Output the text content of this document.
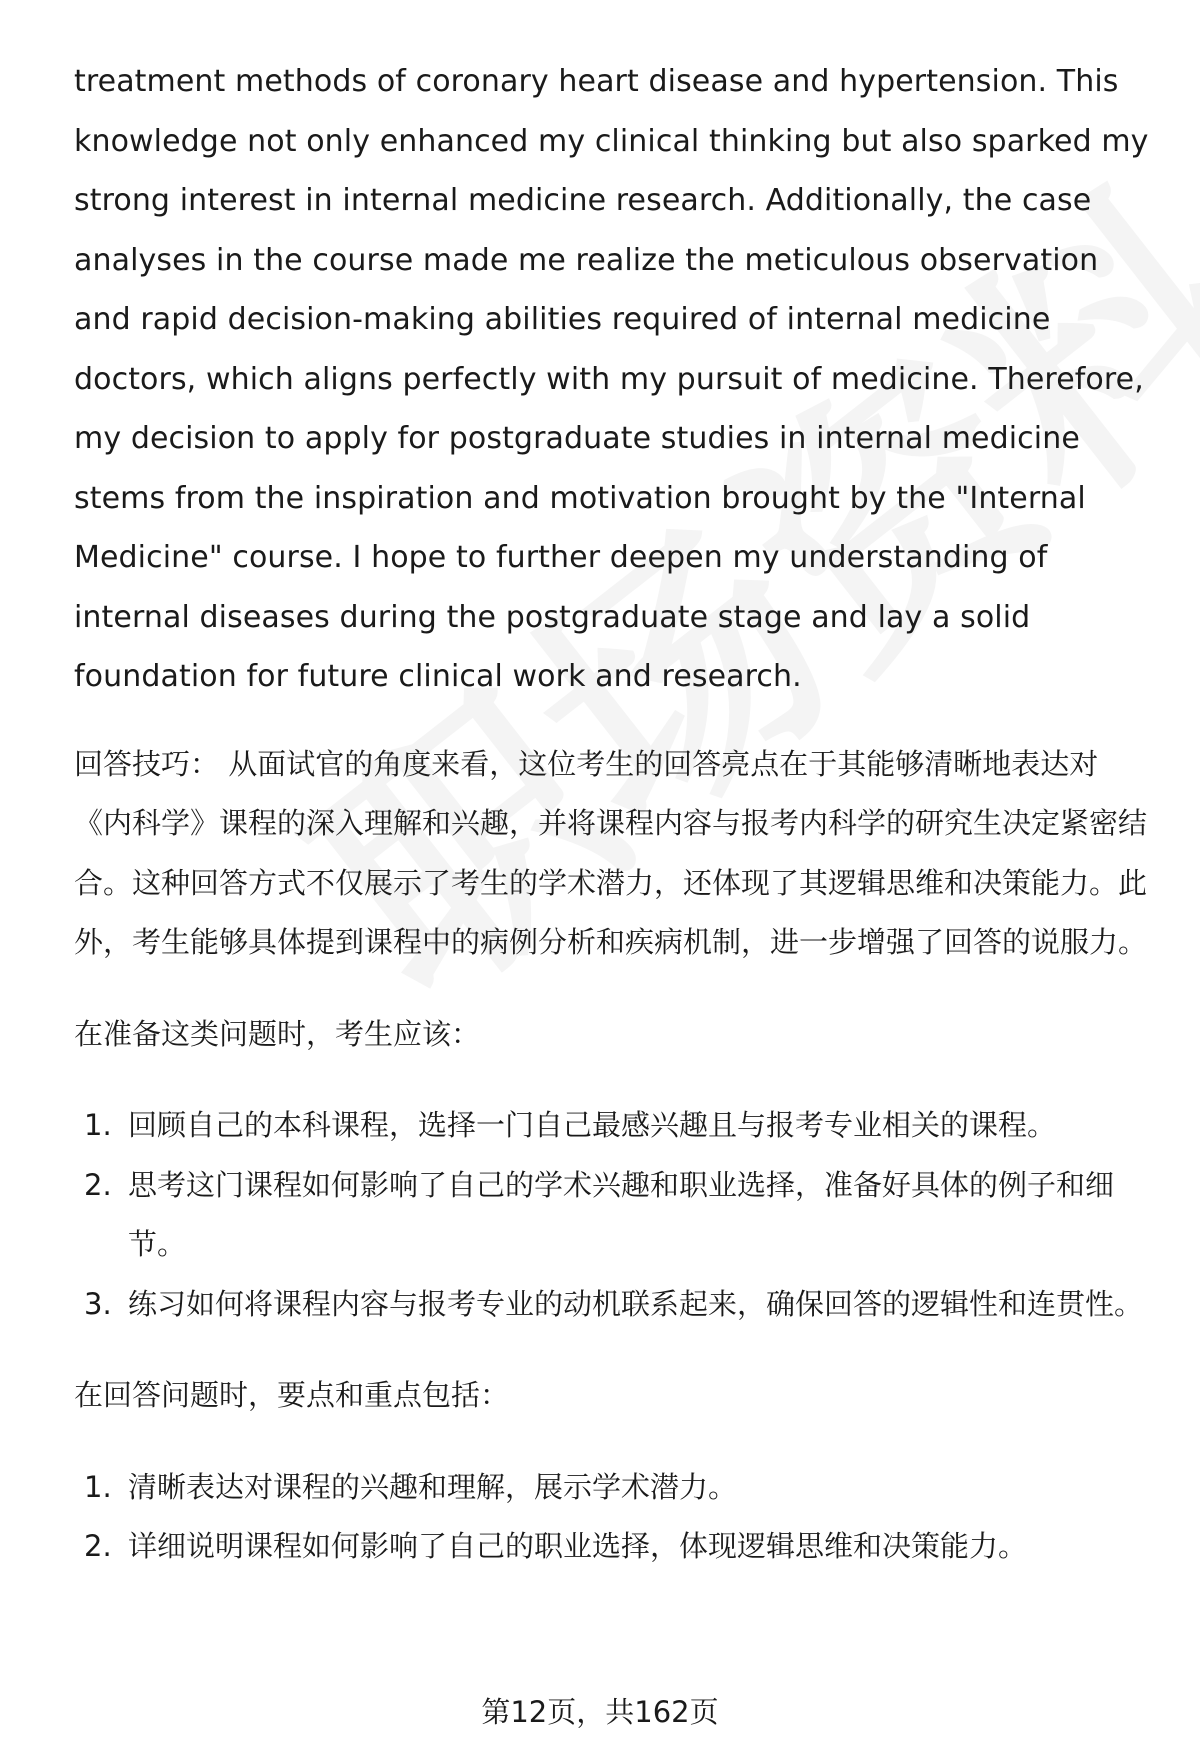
treatment methods of coronary heart disease and hypertension. This knowledge not only enhanced my clinical thinking but also sparked my strong interest in internal medicine research. Additionally, the case analyses in the course made me realize the meticulous observation and rapid decision-making abilities required of internal medicine doctors, which aligns perfectly with my pursuit of medicine. Therefore, my decision to apply for postgraduate studies in internal medicine stems from the inspiration and motivation brought by the "Internal Medicine" course. I hope to further deepen my understanding of internal diseases during the postgraduate stage and lay a solid foundation for future clinical work and research.

回答技巧： 从面试官的角度来看，这位考生的回答亮点在于其能够清晰地表达对《内科学》课程的深入理解和兴趣，并将课程内容与报考内科学的研究生决定紧密结合。这种回答方式不仅展示了考生的学术潜力，还体现了其逻辑思维和决策能力。此外，考生能够具体提到课程中的病例分析和疾病机制，进一步增强了回答的说服力。

在准备这类问题时，考生应该：

1. 回顾自己的本科课程，选择一门自己最感兴趣且与报考专业相关的课程。
2. 思考这门课程如何影响了自己的学术兴趣和职业选择，准备好具体的例子和细节。
3. 练习如何将课程内容与报考专业的动机联系起来，确保回答的逻辑性和连贯性。

在回答问题时，要点和重点包括：

1. 清晰表达对课程的兴趣和理解，展示学术潜力。
2. 详细说明课程如何影响了自己的职业选择，体现逻辑思维和决策能力。
第12页，共162页
